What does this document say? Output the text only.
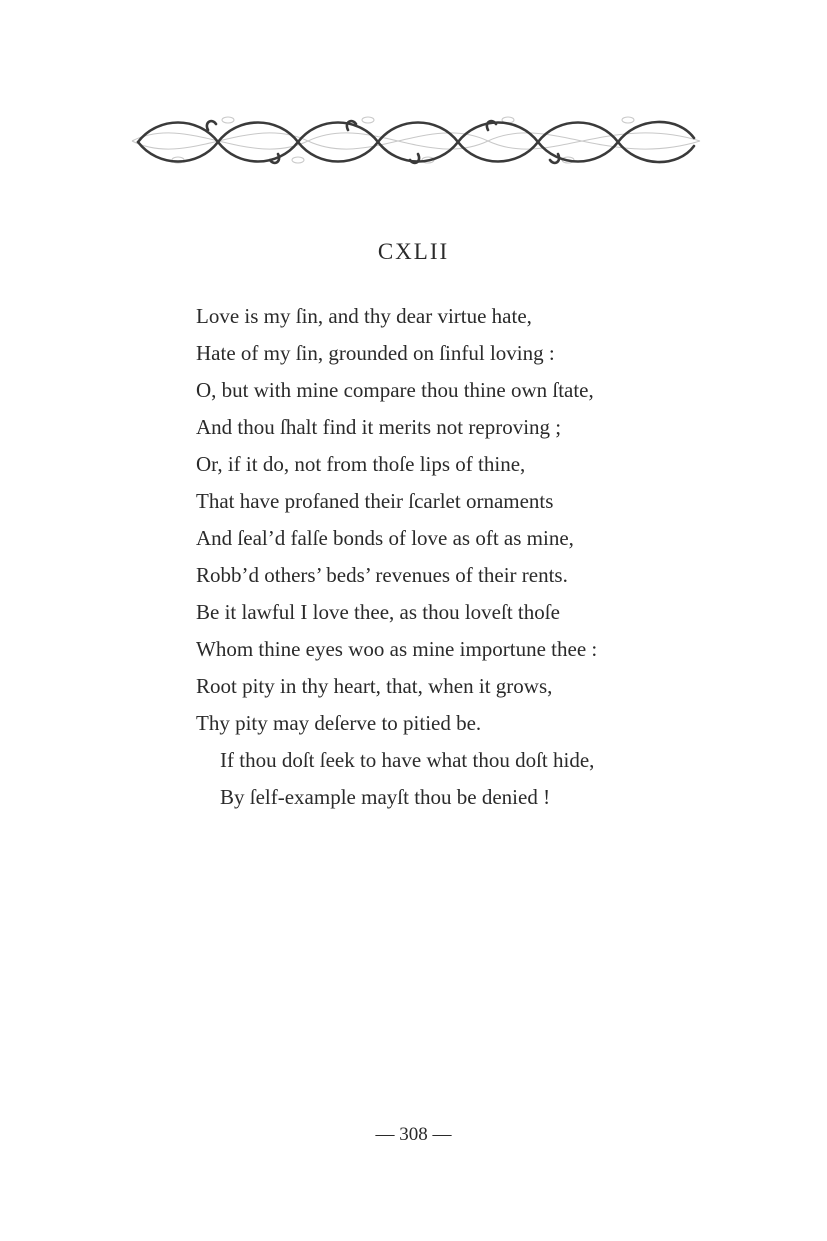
CXLII
Love is my ſin, and thy dear virtue hate,
Hate of my ſin, grounded on ſinful loving :
O, but with mine compare thou thine own ſtate,
And thou ſhalt find it merits not reproving ;
Or, if it do, not from thoſe lips of thine,
That have profaned their ſcarlet ornaments
And ſeal’d falſe bonds of love as oft as mine,
Robb’d others’ beds’ revenues of their rents.
Be it lawful I love thee, as thou loveſt thoſe
Whom thine eyes woo as mine importune thee :
Root pity in thy heart, that, when it grows,
Thy pity may deſerve to pitied be.
If thou doſt ſeek to have what thou doſt hide,
By ſelf-example mayſt thou be denied !
— 308 —
